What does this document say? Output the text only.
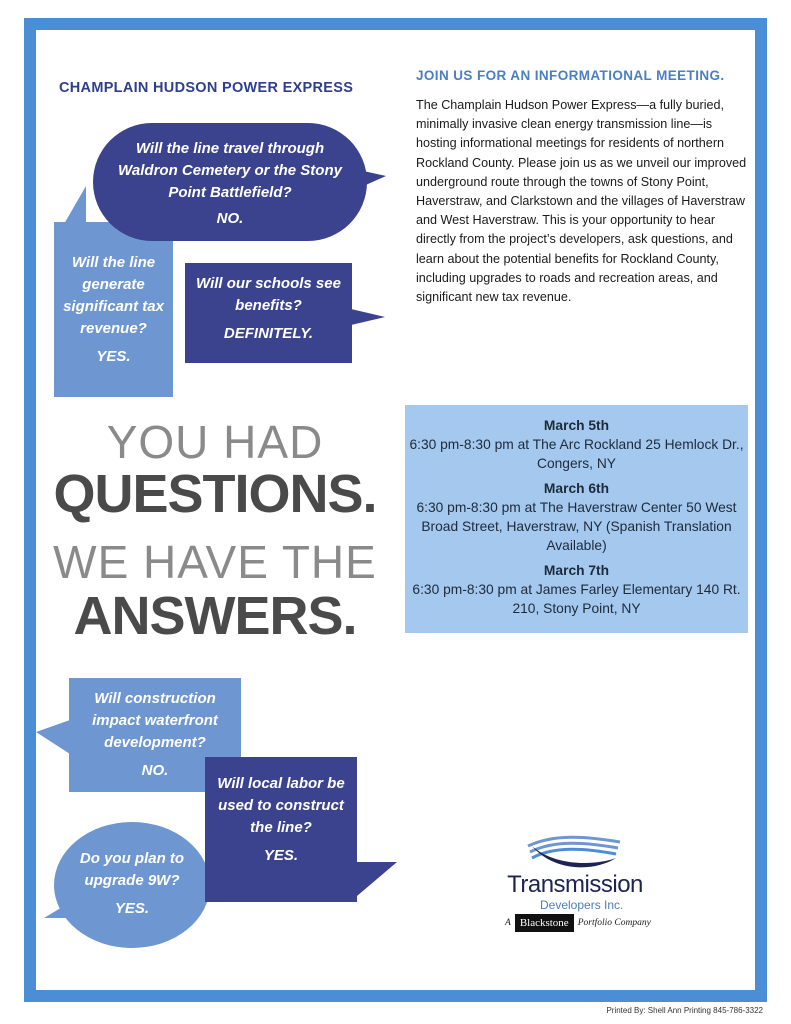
CHAMPLAIN HUDSON POWER EXPRESS
JOIN US FOR AN INFORMATIONAL MEETING.
The Champlain Hudson Power Express—a fully buried, minimally invasive clean energy transmission line—is hosting informational meetings for residents of northern Rockland County. Please join us as we unveil our improved underground route through the towns of Stony Point, Haverstraw, and Clarkstown and the villages of Haverstraw and West Haverstraw. This is your opportunity to hear directly from the project’s developers, ask questions, and learn about the potential benefits for Rockland County, including upgrades to roads and recreation areas, and significant new tax revenue.
Will the line generate significant tax revenue?
YES.
Will the line travel through Waldron Cemetery or the Stony Point Battlefield?
NO.
Will our schools see benefits?
DEFINITELY.
YOU HAD
QUESTIONS.
WE HAVE THE
ANSWERS.
March 5th
6:30 pm-8:30 pm at The Arc Rockland 25 Hemlock Dr., Congers, NY
March 6th
6:30 pm-8:30 pm at The Haverstraw Center 50 West Broad Street, Haverstraw, NY (Spanish Translation Available)
March 7th
6:30 pm-8:30 pm at James Farley Elementary 140 Rt. 210, Stony Point, NY
Will construction impact waterfront development?
NO.
Do you plan to upgrade 9W?
YES.
Will local labor be used to construct the line?
YES.
Transmission
Developers Inc.
A Blackstone Portfolio Company
Printed By: Shell Ann Printing 845-786-3322
